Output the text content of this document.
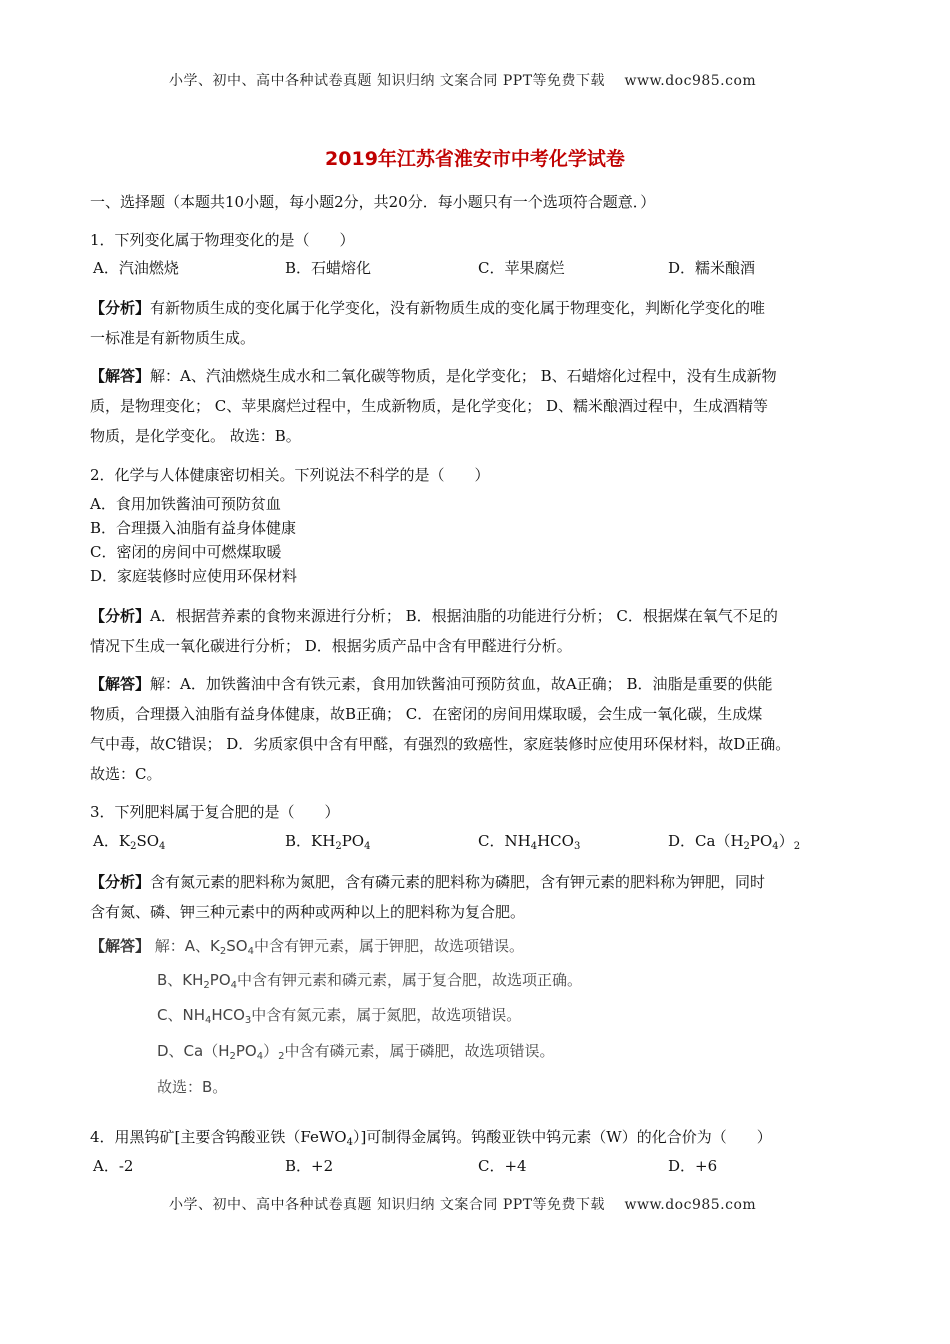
小学、初中、高中各种试卷真题 知识归纳 文案合同 PPT等免费下载　 www.doc985.com
2019年江苏省淮安市中考化学试卷
一、选择题（本题共10小题，每小题2分，共20分．每小题只有一个选项符合题意．）
1．下列变化属于物理变化的是（　　）
A．汽油燃烧	B．石蜡熔化	C．苹果腐烂	D．糯米酿酒
【分析】有新物质生成的变化属于化学变化，没有新物质生成的变化属于物理变化，判断化学变化的唯
一标准是有新物质生成。
【解答】解：A、汽油燃烧生成水和二氧化碳等物质，是化学变化； B、石蜡熔化过程中，没有生成新物
质，是物理变化； C、苹果腐烂过程中，生成新物质，是化学变化； D、糯米酿酒过程中，生成酒精等
物质，是化学变化。 故选：B。
2．化学与人体健康密切相关。下列说法不科学的是（　　）
A．食用加铁酱油可预防贫血
B．合理摄入油脂有益身体健康
C．密闭的房间中可燃煤取暖
D．家庭装修时应使用环保材料
【分析】A．根据营养素的食物来源进行分析； B．根据油脂的功能进行分析； C．根据煤在氧气不足的
情况下生成一氧化碳进行分析； D．根据劣质产品中含有甲醛进行分析。
【解答】解：A．加铁酱油中含有铁元素，食用加铁酱油可预防贫血，故A正确； B．油脂是重要的供能
物质，合理摄入油脂有益身体健康，故B正确； C．在密闭的房间用煤取暖，会生成一氧化碳，生成煤
气中毒，故C错误； D．劣质家俱中含有甲醛，有强烈的致癌性，家庭装修时应使用环保材料，故D正确。
故选：C。
3．下列肥料属于复合肥的是（　　）
A．$K_2SO_4$	B．$KH_2PO_4$	C．$NH_4HCO_3$	D．$Ca(H_2PO_4)_2$
【分析】含有氮元素的肥料称为氮肥，含有磷元素的肥料称为磷肥，含有钾元素的肥料称为钾肥，同时
含有氮、磷、钾三种元素中的两种或两种以上的肥料称为复合肥。
【解答】 解：A、$K_2SO_4$中含有钾元素，属于钾肥，故选项错误。
B、$KH_2PO_4$中含有钾元素和磷元素，属于复合肥，故选项正确。
C、$NH_4HCO_3$中含有氮元素，属于氮肥，故选项错误。
D、$Ca(H_2PO_4)_2$中含有磷元素，属于磷肥，故选项错误。
故选：B。
4．用黑钨矿[主要含钨酸亚铁（FeWO$_4$）]可制得金属钨。钨酸亚铁中钨元素（W）的化合价为（　　）
A．-2	B．+2	C．+4	D．+6
小学、初中、高中各种试卷真题 知识归纳 文案合同 PPT等免费下载　 www.doc985.com
